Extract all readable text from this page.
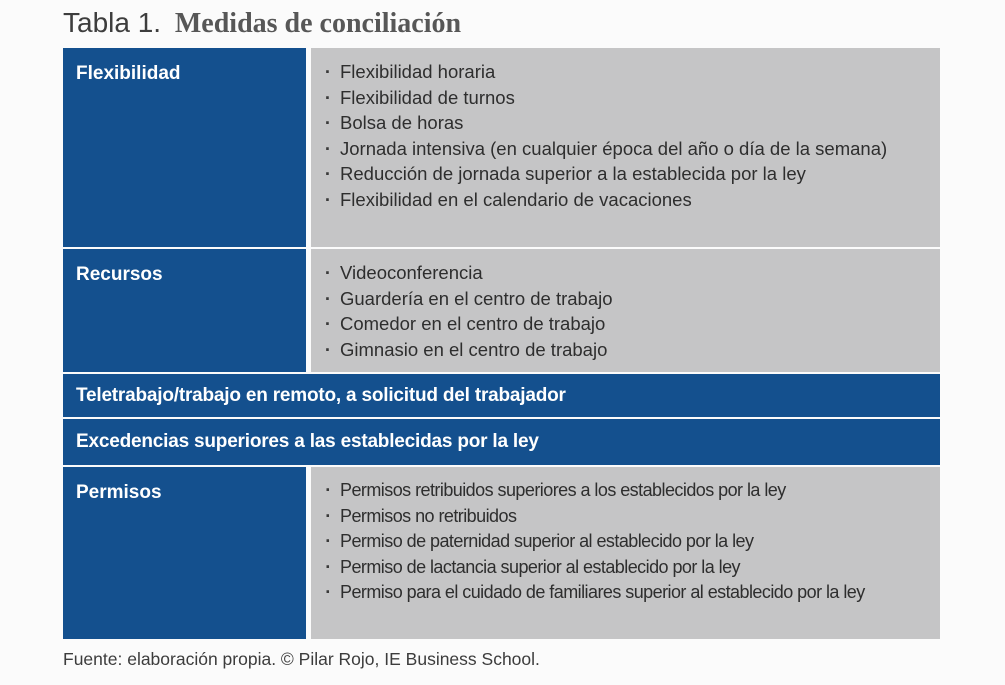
Tabla 1. Medidas de conciliación
Flexibilidad	· Flexibilidad horaria
· Flexibilidad de turnos
· Bolsa de horas
· Jornada intensiva (en cualquier época del año o día de la semana)
· Reducción de jornada superior a la establecida por la ley
· Flexibilidad en el calendario de vacaciones
Recursos	· Videoconferencia
· Guardería en el centro de trabajo
· Comedor en el centro de trabajo
· Gimnasio en el centro de trabajo
Teletrabajo/trabajo en remoto, a solicitud del trabajador
Excedencias superiores a las establecidas por la ley
Permisos	· Permisos retribuidos superiores a los establecidos por la ley
· Permisos no retribuidos
· Permiso de paternidad superior al establecido por la ley
· Permiso de lactancia superior al establecido por la ley
· Permiso para el cuidado de familiares superior al establecido por la ley
Fuente: elaboración propia. © Pilar Rojo, IE Business School.
